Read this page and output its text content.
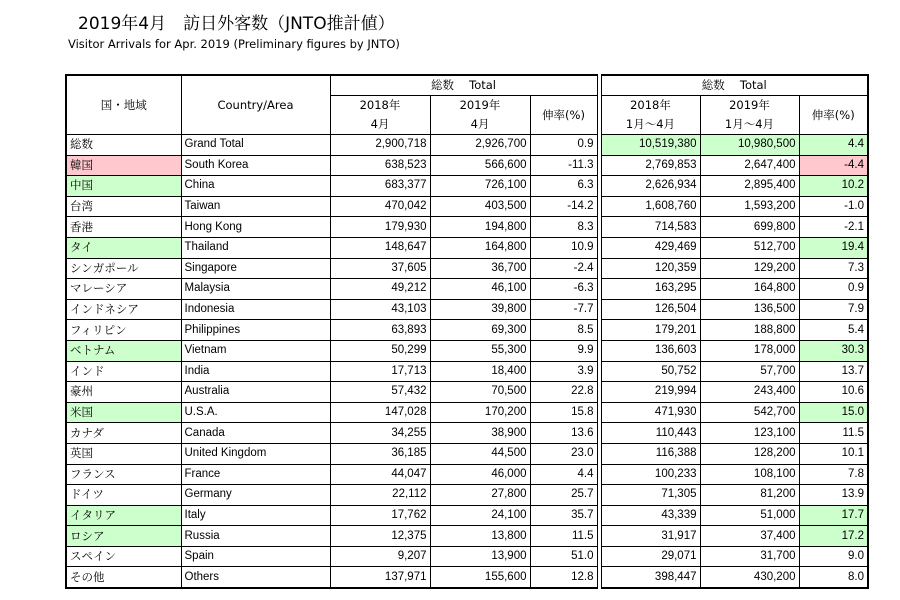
2019年4月　訪日外客数（JNTO推計値）
Visitor Arrivals for Apr. 2019 (Preliminary figures by JNTO)
国・地域	Country/Area	総数　 Total				総数　 Total		
		2018年	2019年	伸率(%)		2018年	2019年	伸率(%)
		4月	4月			1月～4月	1月～4月	
総数	Grand Total	2,900,718	2,926,700	0.9		10,519,380	10,980,500	4.4
韓国	South Korea	638,523	566,600	-11.3		2,769,853	2,647,400	-4.4
中国	China	683,377	726,100	6.3		2,626,934	2,895,400	10.2
台湾	Taiwan	470,042	403,500	-14.2		1,608,760	1,593,200	-1.0
香港	Hong Kong	179,930	194,800	8.3		714,583	699,800	-2.1
タイ	Thailand	148,647	164,800	10.9		429,469	512,700	19.4
シンガポール	Singapore	37,605	36,700	-2.4		120,359	129,200	7.3
マレーシア	Malaysia	49,212	46,100	-6.3		163,295	164,800	0.9
インドネシア	Indonesia	43,103	39,800	-7.7		126,504	136,500	7.9
フィリピン	Philippines	63,893	69,300	8.5		179,201	188,800	5.4
ベトナム	Vietnam	50,299	55,300	9.9		136,603	178,000	30.3
インド	India	17,713	18,400	3.9		50,752	57,700	13.7
豪州	Australia	57,432	70,500	22.8		219,994	243,400	10.6
米国	U.S.A.	147,028	170,200	15.8		471,930	542,700	15.0
カナダ	Canada	34,255	38,900	13.6		110,443	123,100	11.5
英国	United Kingdom	36,185	44,500	23.0		116,388	128,200	10.1
フランス	France	44,047	46,000	4.4		100,233	108,100	7.8
ドイツ	Germany	22,112	27,800	25.7		71,305	81,200	13.9
イタリア	Italy	17,762	24,100	35.7		43,339	51,000	17.7
ロシア	Russia	12,375	13,800	11.5		31,917	37,400	17.2
スペイン	Spain	9,207	13,900	51.0		29,071	31,700	9.0
その他	Others	137,971	155,600	12.8		398,447	430,200	8.0
